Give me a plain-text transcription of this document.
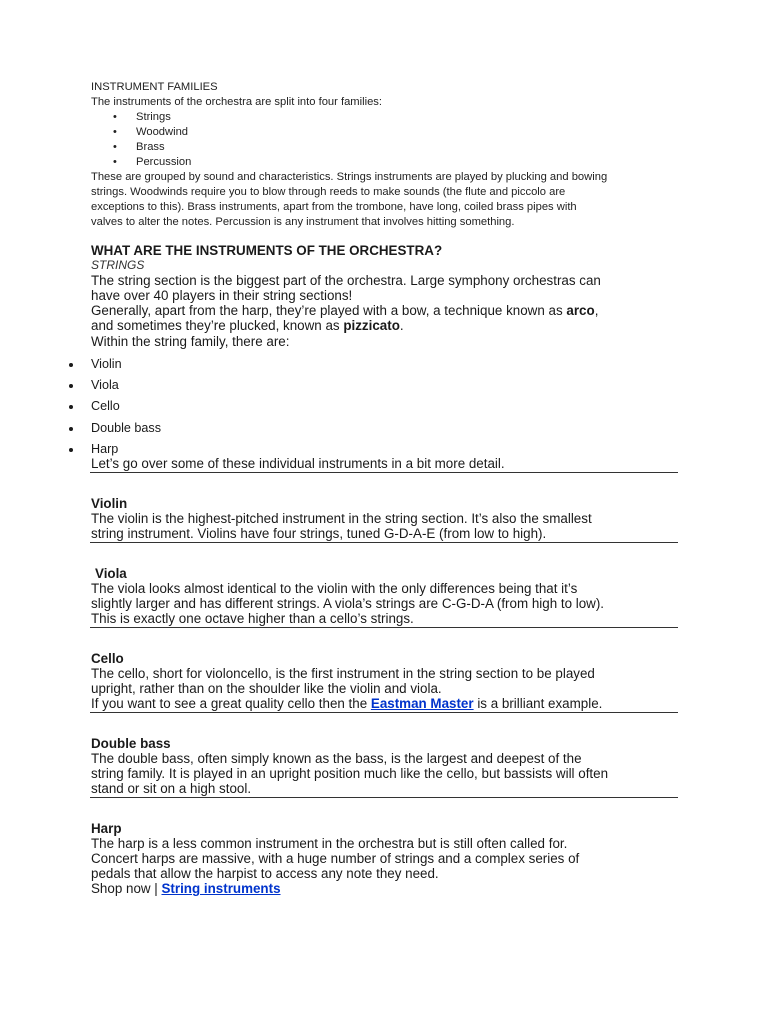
INSTRUMENT FAMILIES

The instruments of the orchestra are split into four families:

• Strings
• Woodwind
• Brass
• Percussion

These are grouped by sound and characteristics. Strings instruments are played by plucking and bowing

strings. Woodwinds require you to blow through reeds to make sounds (the flute and piccolo are

exceptions to this). Brass instruments, apart from the trombone, have long, coiled brass pipes with

valves to alter the notes. Percussion is any instrument that involves hitting something.

WHAT ARE THE INSTRUMENTS OF THE ORCHESTRA?

STRINGS

The string section is the biggest part of the orchestra. Large symphony orchestras can

have over 40 players in their string sections!

Generally, apart from the harp, they’re played with a bow, a technique known as arco,

and sometimes they’re plucked, known as pizzicato.

Within the string family, there are:

Violin
Viola
Cello
Double bass
Harp

Let’s go over some of these individual instruments in a bit more detail.

Violin

The violin is the highest-pitched instrument in the string section. It’s also the smallest

string instrument. Violins have four strings, tuned G-D-A-E (from low to high).

Viola

The viola looks almost identical to the violin with the only differences being that it’s

slightly larger and has different strings. A viola’s strings are C-G-D-A (from high to low).

This is exactly one octave higher than a cello’s strings.

Cello

The cello, short for violoncello, is the first instrument in the string section to be played

upright, rather than on the shoulder like the violin and viola.

If you want to see a great quality cello then the Eastman Master is a brilliant example.

Double bass

The double bass, often simply known as the bass, is the largest and deepest of the

string family. It is played in an upright position much like the cello, but bassists will often

stand or sit on a high stool.

Harp

The harp is a less common instrument in the orchestra but is still often called for.

Concert harps are massive, with a huge number of strings and a complex series of

pedals that allow the harpist to access any note they need.

Shop now | String instruments
